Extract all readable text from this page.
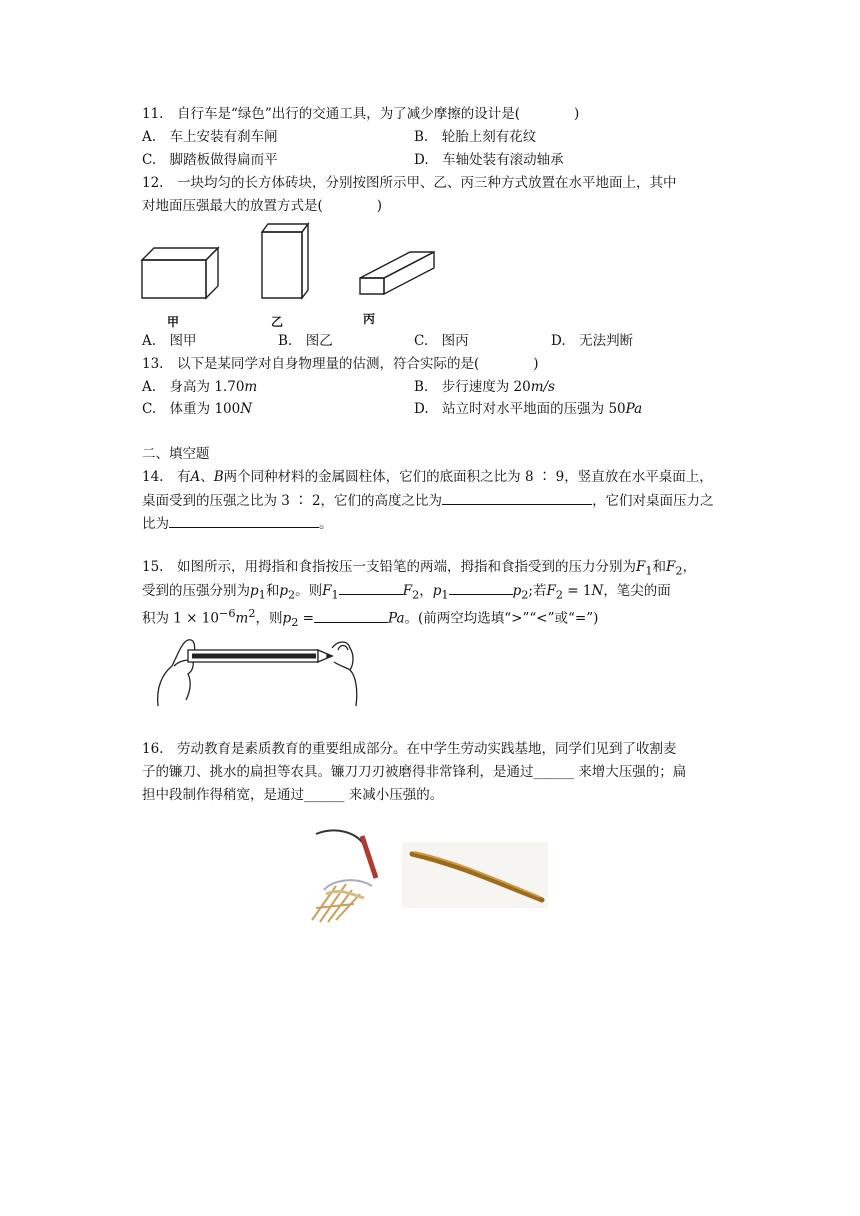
11.　自行车是“绿色”出行的交通工具，为了减少摩擦的设计是(　　　　)
A.　车上安装有刹车闸	B.　轮胎上刻有花纹
C.　脚踏板做得扁而平	D.　车轴处装有滚动轴承
12.　一块均匀的长方体砖块，分别按图所示甲、乙、丙三种方式放置在水平地面上，其中
对地面压强最大的放置方式是(　　　　)
甲	乙	丙
A.　图甲	B.　图乙	C.　图丙	D.　无法判断
13.　以下是某同学对自身物理量的估测，符合实际的是(　　　　)
A.　身高为 1.70m	B.　步行速度为 20m/s
C.　体重为 100N	D.　站立时对水平地面的压强为 50Pa
二、填空题
14.　有A、B两个同种材料的金属圆柱体，它们的底面积之比为 8 ∶ 9，竖直放在水平桌面上，
桌面受到的压强之比为 3 ∶ 2，它们的高度之比为	，它们对桌面压力之
比为	。
15.　如图所示，用拇指和食指按压一支铅笔的两端，拇指和食指受到的压力分别为$F_1$和$F_2$，
受到的压强分别为$p_1$和$p_2$。则$F_1$	$F_2$，$p_1$	$p_2$;若$F_2 = 1N$，笔尖的面
积为 $1 \times 10^{-6}m^2$，则$p_2$ =	Pa。(前两空均选填“>”“<”或“=”)
16.　劳动教育是素质教育的重要组成部分。在中学生劳动实践基地，同学们见到了收割麦
子的镰刀、挑水的扁担等农具。镰刀刀刃被磨得非常锋利，是通过______ 来增大压强的；扁
担中段制作得稍宽，是通过______ 来减小压强的。
